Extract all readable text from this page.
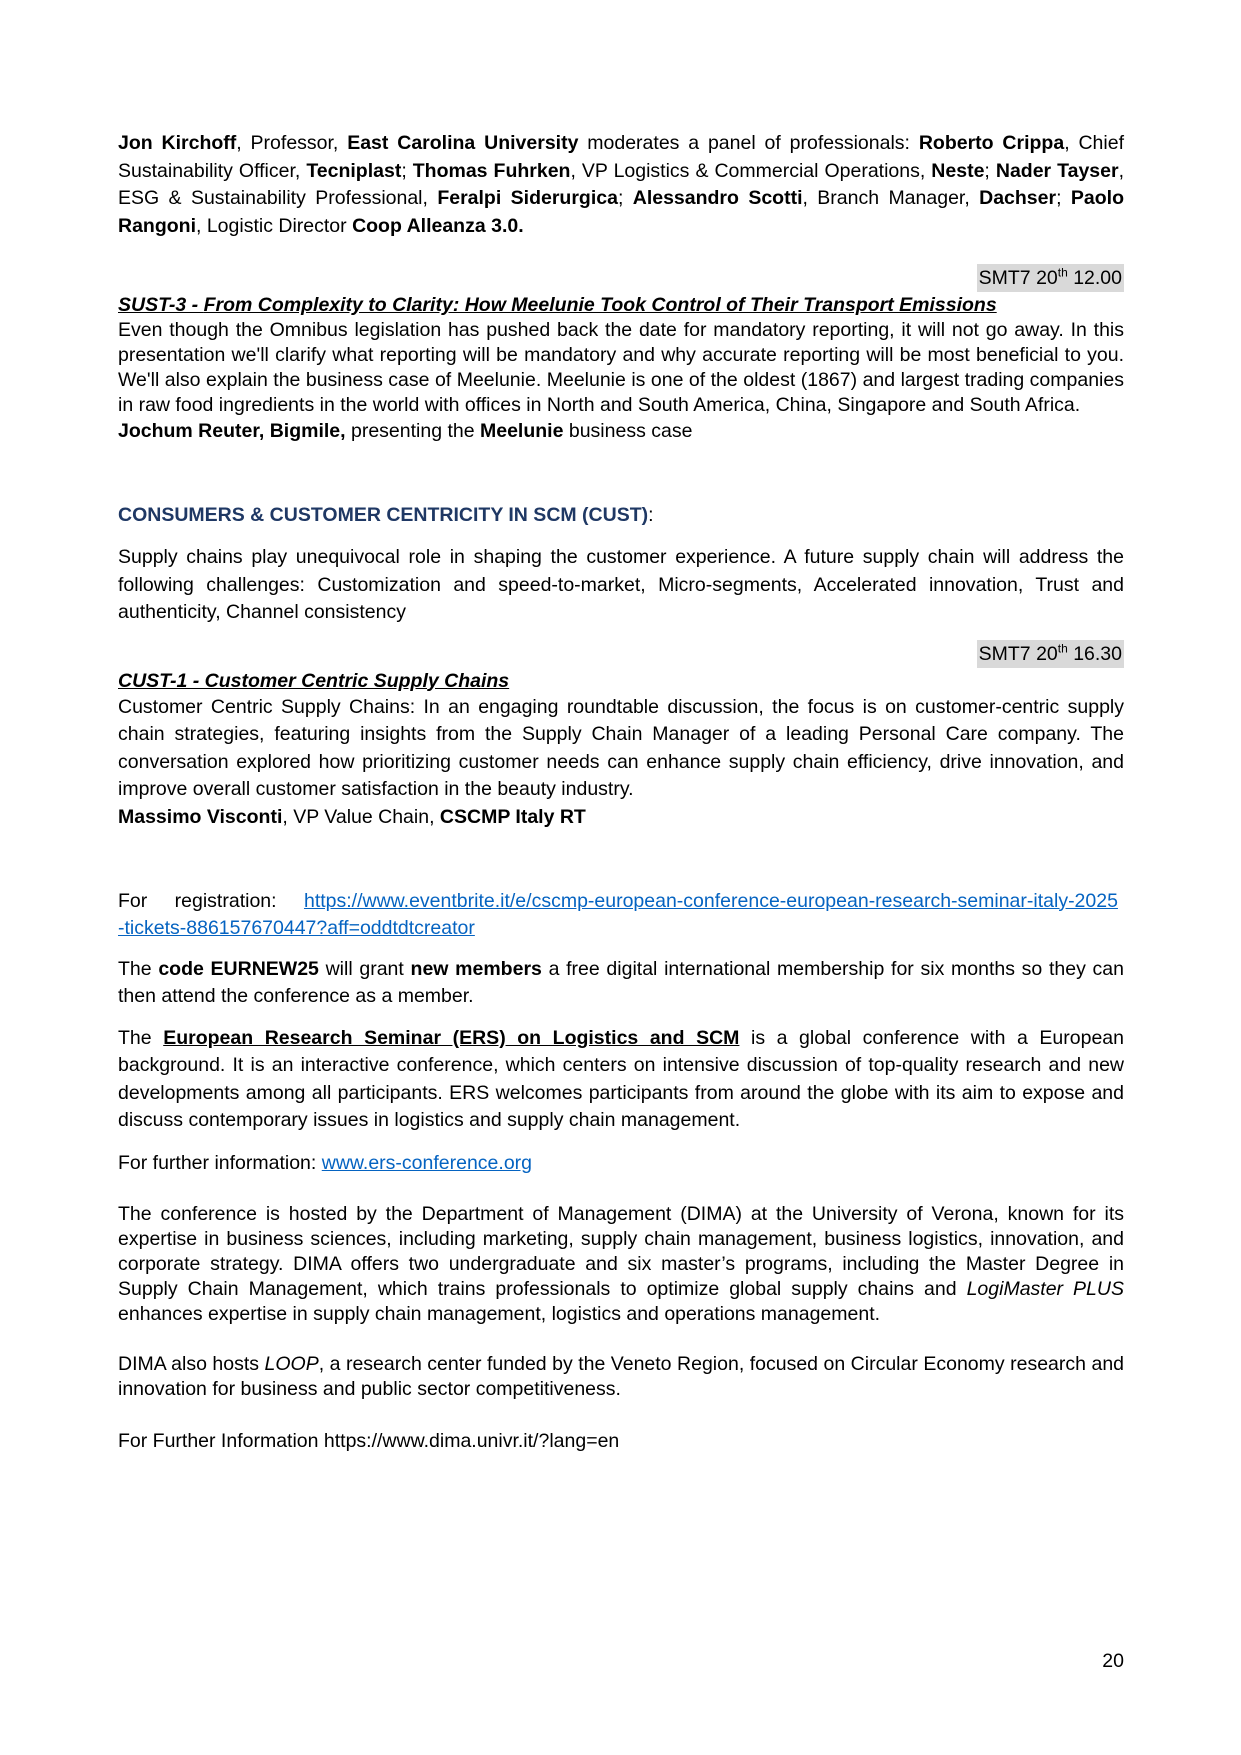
Jon Kirchoff, Professor, East Carolina University moderates a panel of professionals: Roberto Crippa, Chief Sustainability Officer, Tecniplast; Thomas Fuhrken, VP Logistics & Commercial Operations, Neste; Nader Tayser, ESG & Sustainability Professional, Feralpi Siderurgica; Alessandro Scotti, Branch Manager, Dachser; Paolo Rangoni, Logistic Director Coop Alleanza 3.0.

SMT7 20th 12.00

SUST-3 - From Complexity to Clarity: How Meelunie Took Control of Their Transport Emissions

Even though the Omnibus legislation has pushed back the date for mandatory reporting, it will not go away. In this presentation we'll clarify what reporting will be mandatory and why accurate reporting will be most beneficial to you. We'll also explain the business case of Meelunie. Meelunie is one of the oldest (1867) and largest trading companies in raw food ingredients in the world with offices in North and South America, China, Singapore and South Africa.

Jochum Reuter, Bigmile, presenting the Meelunie business case

CONSUMERS & CUSTOMER CENTRICITY IN SCM (CUST):

Supply chains play unequivocal role in shaping the customer experience. A future supply chain will address the following challenges: Customization and speed-to-market, Micro-segments, Accelerated innovation, Trust and authenticity, Channel consistency

SMT7 20th 16.30

CUST-1 - Customer Centric Supply Chains

Customer Centric Supply Chains: In an engaging roundtable discussion, the focus is on customer-centric supply chain strategies, featuring insights from the Supply Chain Manager of a leading Personal Care company. The conversation explored how prioritizing customer needs can enhance supply chain efficiency, drive innovation, and improve overall customer satisfaction in the beauty industry.

Massimo Visconti, VP Value Chain, CSCMP Italy RT

For registration: https://www.eventbrite.it/e/cscmp-european-conference-european-research-seminar-italy-2025-tickets-886157670447?aff=oddtdtcreator

The code EURNEW25 will grant new members a free digital international membership for six months so they can then attend the conference as a member.

The European Research Seminar (ERS) on Logistics and SCM is a global conference with a European background. It is an interactive conference, which centers on intensive discussion of top-quality research and new developments among all participants. ERS welcomes participants from around the globe with its aim to expose and discuss contemporary issues in logistics and supply chain management.

For further information: www.ers-conference.org

The conference is hosted by the Department of Management (DIMA) at the University of Verona, known for its expertise in business sciences, including marketing, supply chain management, business logistics, innovation, and corporate strategy. DIMA offers two undergraduate and six master’s programs, including the Master Degree in Supply Chain Management, which trains professionals to optimize global supply chains and LogiMaster PLUS enhances expertise in supply chain management, logistics and operations management.

DIMA also hosts LOOP, a research center funded by the Veneto Region, focused on Circular Economy research and innovation for business and public sector competitiveness.

For Further Information https://www.dima.univr.it/?lang=en

20
